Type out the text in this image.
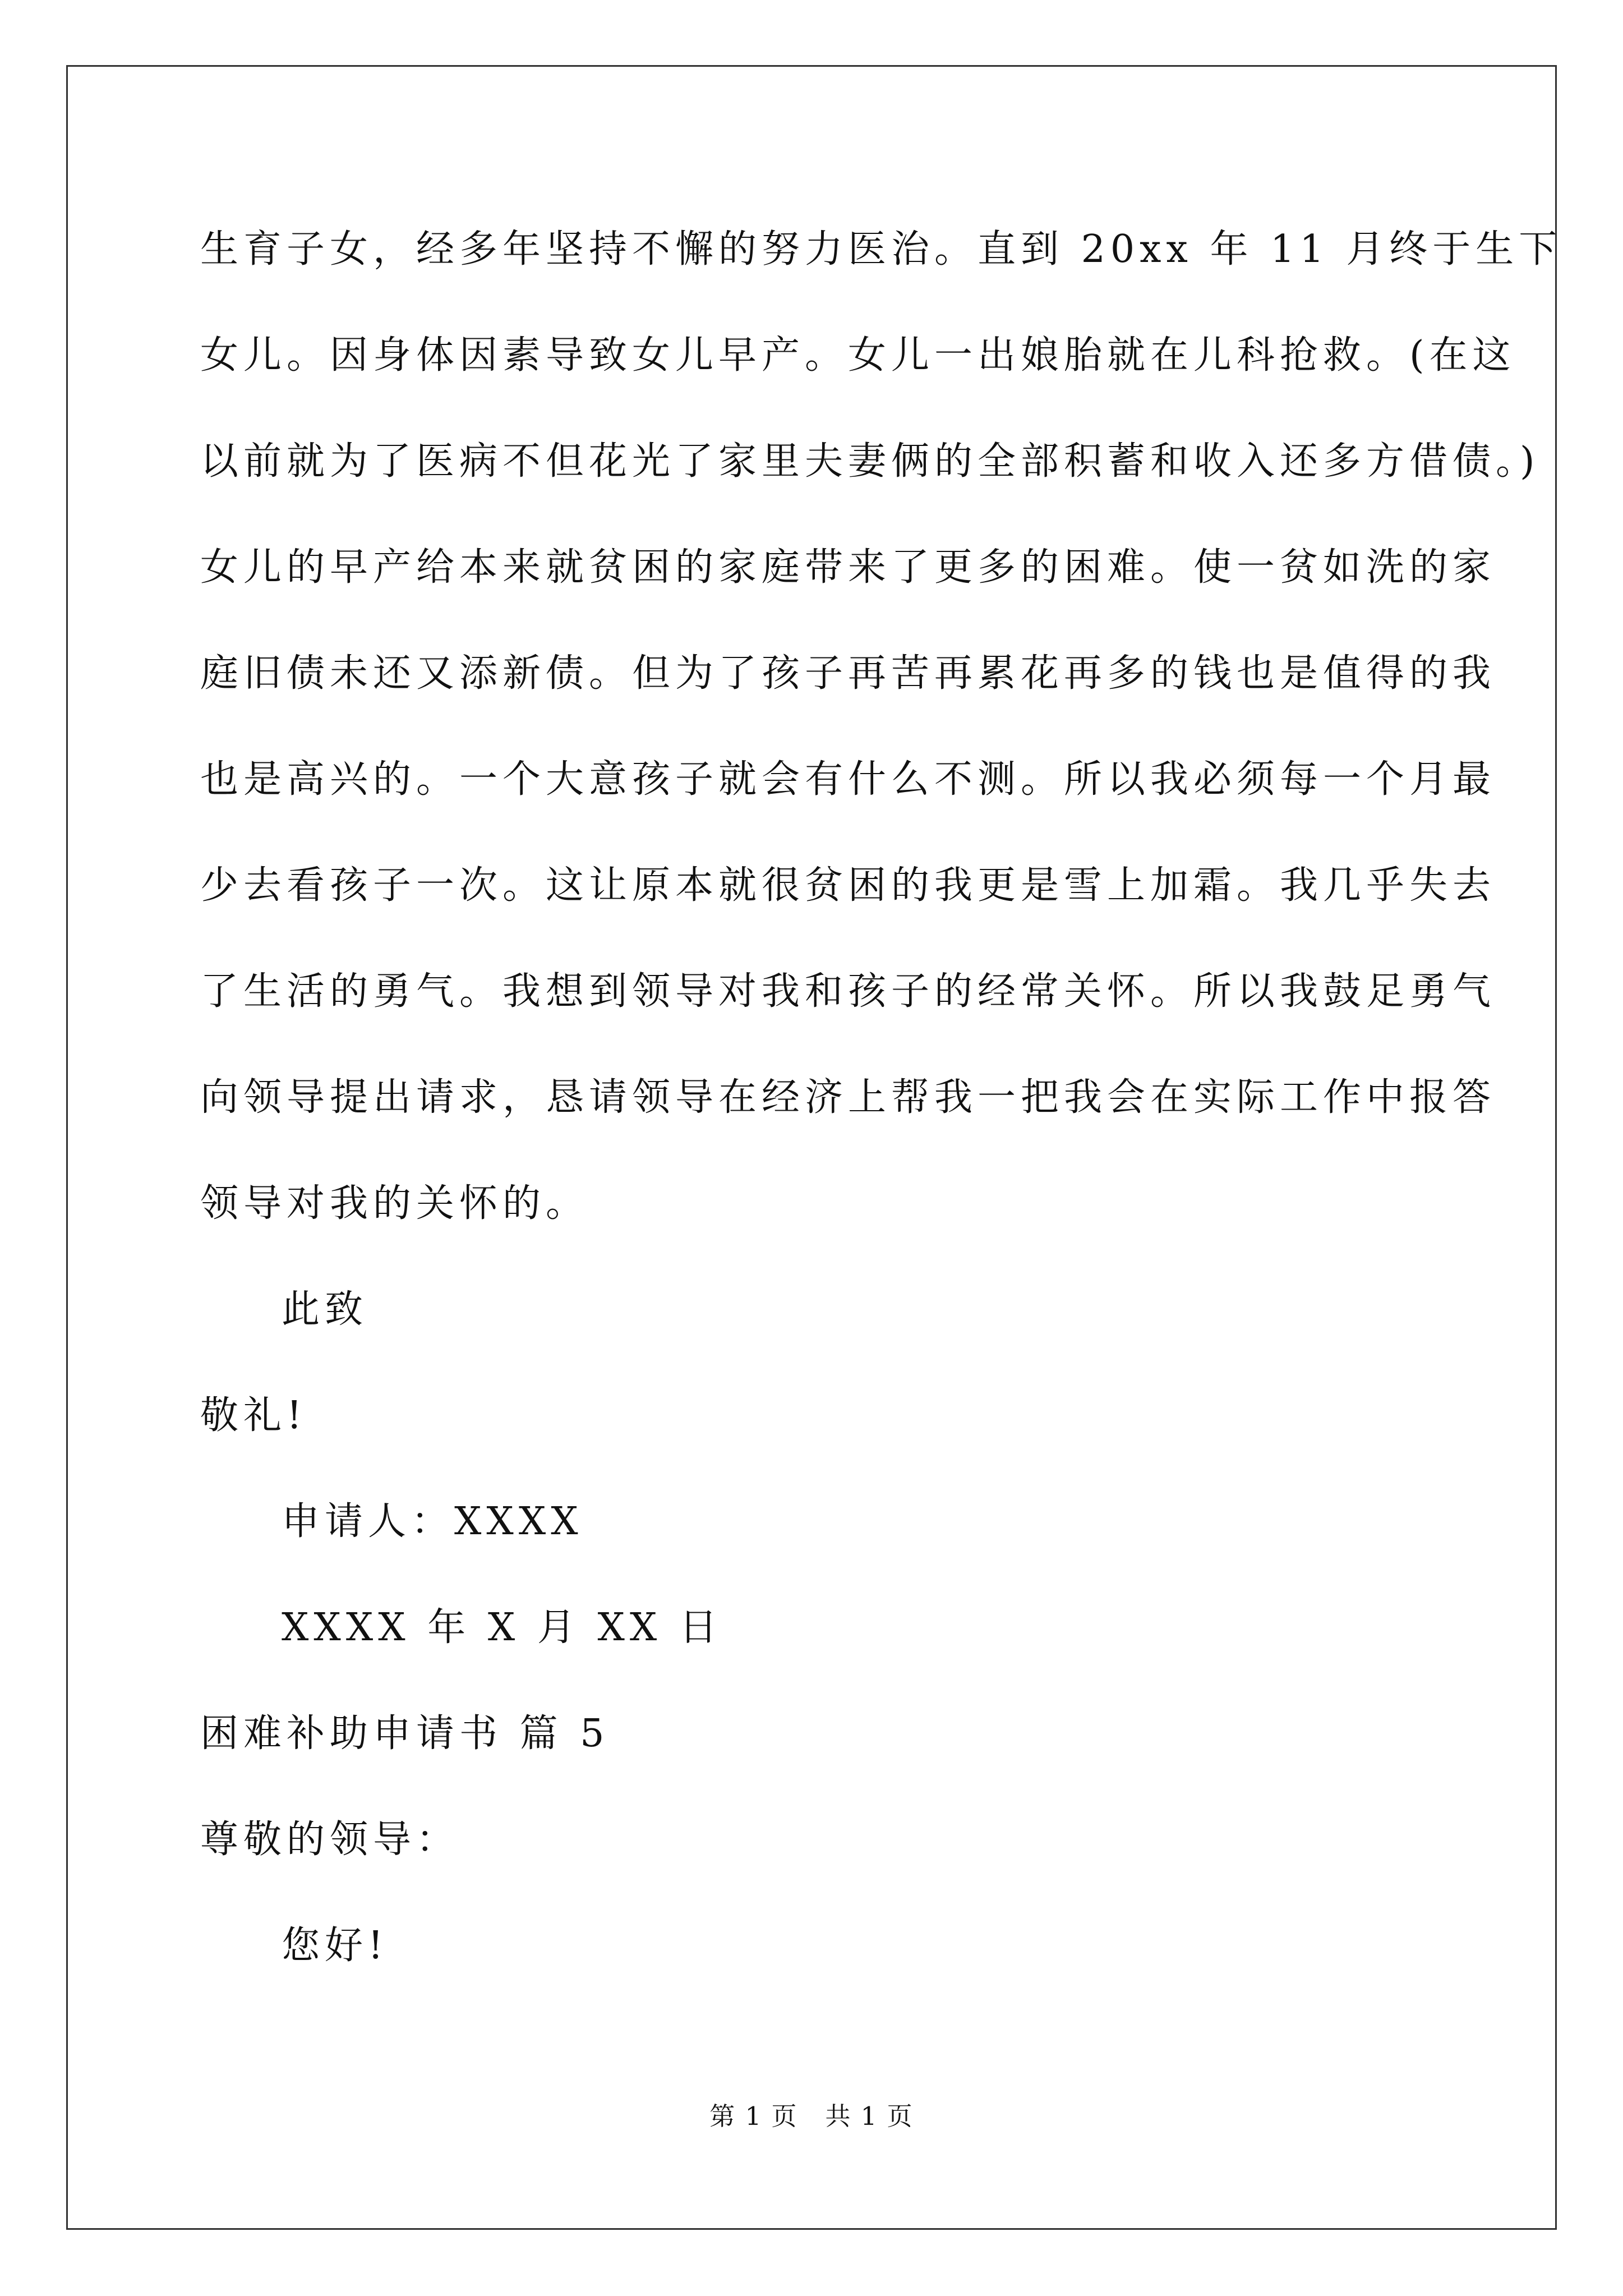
生育子女，经多年坚持不懈的努力医治。直到 20xx 年 11 月终于生下
女儿。因身体因素导致女儿早产。女儿一出娘胎就在儿科抢救。(在这
以前就为了医病不但花光了家里夫妻俩的全部积蓄和收入还多方借债。)
女儿的早产给本来就贫困的家庭带来了更多的困难。使一贫如洗的家
庭旧债未还又添新债。但为了孩子再苦再累花再多的钱也是值得的我
也是高兴的。一个大意孩子就会有什么不测。所以我必须每一个月最
少去看孩子一次。这让原本就很贫困的我更是雪上加霜。我几乎失去
了生活的勇气。我想到领导对我和孩子的经常关怀。所以我鼓足勇气
向领导提出请求，恳请领导在经济上帮我一把我会在实际工作中报答
领导对我的关怀的。
此致
敬礼!
申请人：XXXX
XXXX 年 X 月 XX 日
困难补助申请书 篇 5
尊敬的领导：
您好!
第 1 页   共 1 页
